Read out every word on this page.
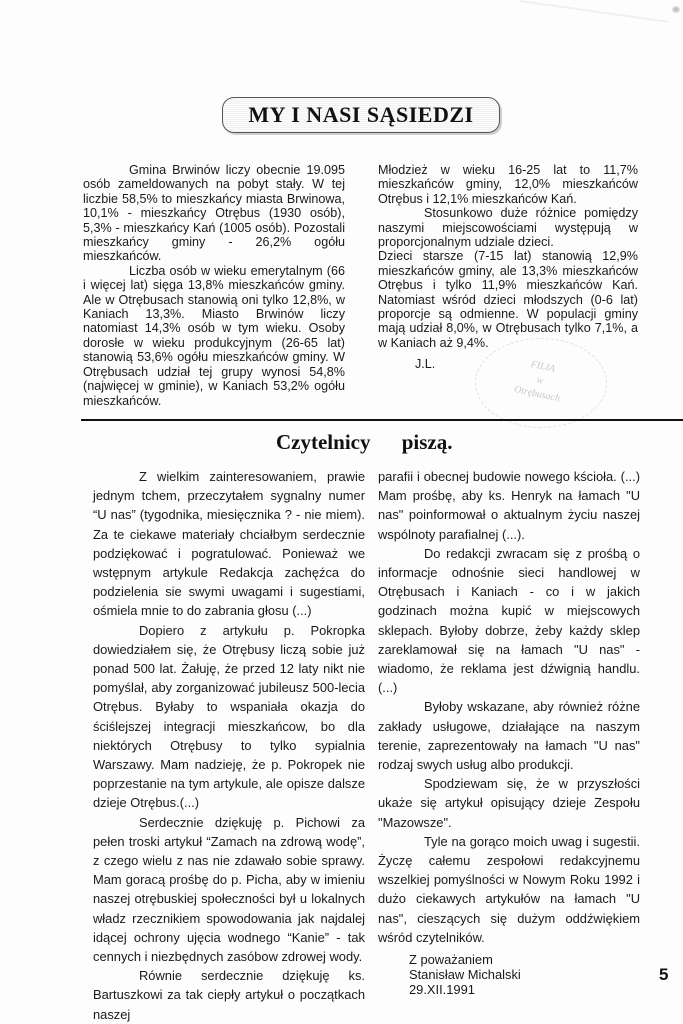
MY I NASI SĄSIEDZI

Gmina Brwinów liczy obecnie 19.095 osób zameldowanych na pobyt stały. W tej liczbie 58,5% to mieszkańcy miasta Brwinowa, 10,1% - mieszkańcy Otrębus (1930 osób), 5,3% - mieszkańcy Kań (1005 osób). Pozostali mieszkańcy gminy - 26,2% ogółu mieszkańców.

Liczba osób w wieku emerytalnym (66 i więcej lat) sięga 13,8% mieszkańców gminy. Ale w Otrębusach stanowią oni tylko 12,8%, w Kaniach 13,3%. Miasto Brwinów liczy natomiast 14,3% osób w tym wieku. Osoby dorosłe w wieku produkcyjnym (26-65 lat) stanowią 53,6% ogółu mieszkańców gminy. W Otrębusach udział tej grupy wynosi 54,8% (najwięcej w gminie), w Kaniach 53,2% ogółu mieszkańców.

Młodzież w wieku 16-25 lat to 11,7% mieszkańców gminy, 12,0% mieszkańców Otrębus i 12,1% mieszkańców Kań.

Stosunkowo duże różnice pomiędzy naszymi miejscowościami występują w proporcjonalnym udziale dzieci.

Dzieci starsze (7-15 lat) stanowią 12,9% mieszkańców gminy, ale 13,3% mieszkańców Otrębus i tylko 11,9% mieszkańców Kań. Natomiast wśród dzieci młodszych (0-6 lat) proporcje są odmienne. W populacji gminy mają udział 8,0%, w Otrębusach tylko 7,1%, a w Kaniach aż 9,4%.

J.L.	FILIA
w
Otrębusach
Czytelnicy piszą.

Z wielkim zainteresowaniem, prawie jednym tchem, przeczytałem sygnalny numer “U nas” (tygodnika, miesięcznika ? - nie miem). Za te ciekawe materiały chciałbym serdecznie podziękować i pogratulować. Ponieważ we wstępnym artykule Redakcja zachęźca do podzielenia sie swymi uwagami i sugestiami, ośmiela mnie to do zabrania głosu (...)

Dopiero z artykułu p. Pokropka dowiedziałem się, że Otrębusy liczą sobie już ponad 500 lat. Żałuję, że przed 12 laty nikt nie pomyślał, aby zorganizować jubileusz 500-lecia Otrębus. Byłaby to wspaniała okazja do ściślejszej integracji mieszkańcow, bo dla niektórych Otrębusy to tylko sypialnia Warszawy. Mam nadzieję, że p. Pokropek nie poprzestanie na tym artykule, ale opisze dalsze dzieje Otrębus.(...)

Serdecznie dziękuję p. Pichowi za pełen troski artykuł “Zamach na zdrową wodę”, z czego wielu z nas nie zdawało sobie sprawy. Mam goracą prośbę do p. Picha, aby w imieniu naszej otrębuskiej społeczności był u lokalnych władz rzecznikiem spowodowania jak najdalej idącej ochrony ujęcia wodnego “Kanie” - tak cennych i niezbędnych zasóbow zdrowej wody.

Równie serdecznie dziękuję ks. Bartuszkowi za tak ciepły artykuł o początkach naszej

parafii i obecnej budowie nowego kścioła. (...) Mam prośbę, aby ks. Henryk na łamach "U nas" poinformował o aktualnym życiu naszej wspólnoty parafialnej (...).

Do redakcji zwracam się z prośbą o informacje odnośnie sieci handlowej w Otrębusach i Kaniach - co i w jakich godzinach można kupić w miejscowych sklepach. Byłoby dobrze, żeby każdy sklep zareklamował się na łamach "U nas" - wiadomo, że reklama jest dźwignią handlu.(...)

Byłoby wskazane, aby również różne zakłady usługowe, działające na naszym terenie, zaprezentowały na łamach "U nas" rodzaj swych usług albo produkcji.

Spodziewam się, że w przyszłości ukaże się artykuł opisujący dzieje Zespołu "Mazowsze".

Tyle na gorąco moich uwag i sugestii. Życzę całemu zespołowi redakcyjnemu wszelkiej pomyślności w Nowym Roku 1992 i dużo ciekawych artykułów na łamach "U nas", cieszących się dużym oddźwiękiem wśród czytelników.

Z poważaniem
Stanisław Michalski
29.XII.1991

5
